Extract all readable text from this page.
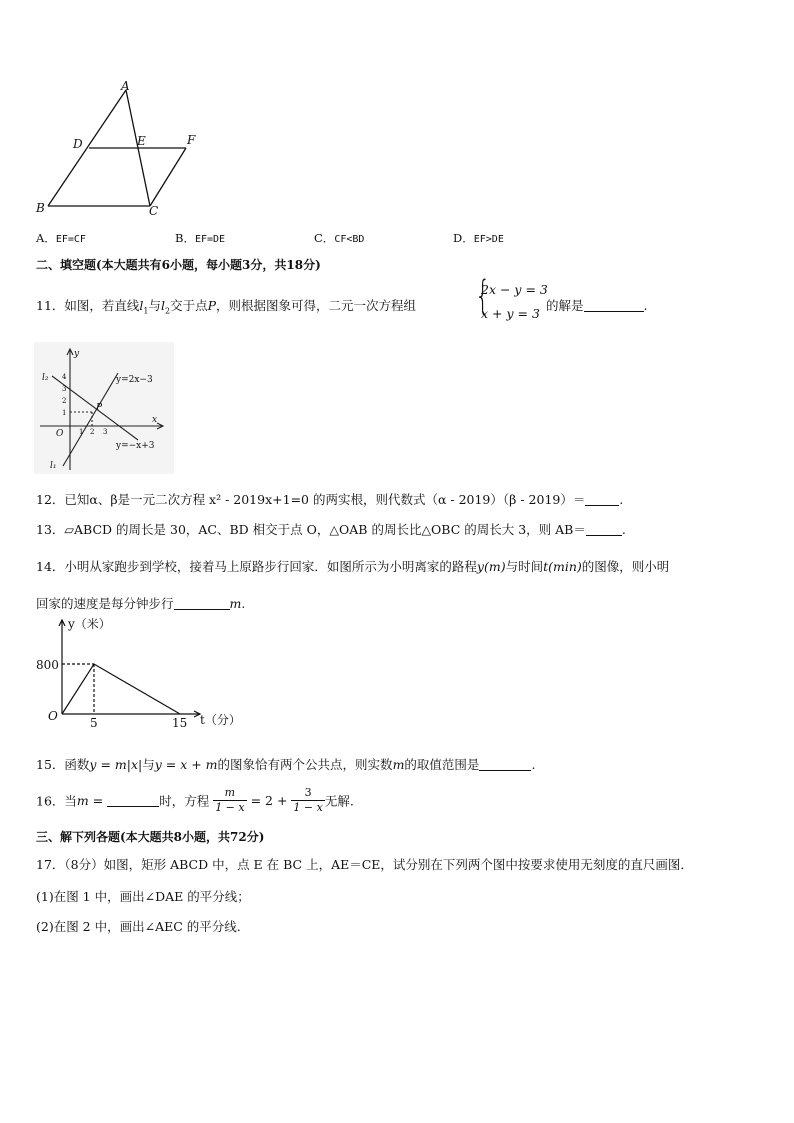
A
D	E	F
B	C
A．EF=CF	B．EF=DE	C．CF<BD	D．EF>DE
二、填空题(本大题共有6小题，每小题3分，共18分)
11．如图，若直线$l_1$与$l_2$交于点P，则根据图象可得，二元一次方程组 {
2x − y = 3
x + y = 3
的解是	.
y
x
O
l₂
l₁
y=2x−3
y=−x+3
P
4
3
2
1
1 2 3
12．已知α、β是一元二次方程 x² - 2019x+1=0 的两实根，则代数式（α - 2019）（β - 2019）＝	.
13．▱ABCD 的周长是 30，AC、BD 相交于点 O，△OAB 的周长比△OBC 的周长大 3，则 AB＝	.
14．小明从家跑步到学校，接着马上原路步行回家．如图所示为小明离家的路程y(m)与时间t(min)的图像，则小明
回家的速度是每分钟步行	m.
y（米）
t（分）
O
800
5	15
15．函数y = m|x|与y = x + m的图象恰有两个公共点，则实数m的取值范围是	.
16．当m =	时，方程 $\frac{m}{1 - x} = 2 + \frac{3}{1 - x}$ 无解.
三、解下列各题(本大题共8小题，共72分)
17．（8分）如图，矩形 ABCD 中，点 E 在 BC 上，AE＝CE，试分别在下列两个图中按要求使用无刻度的直尺画图．
(1)在图 1 中，画出∠DAE 的平分线；
(2)在图 2 中，画出∠AEC 的平分线．
